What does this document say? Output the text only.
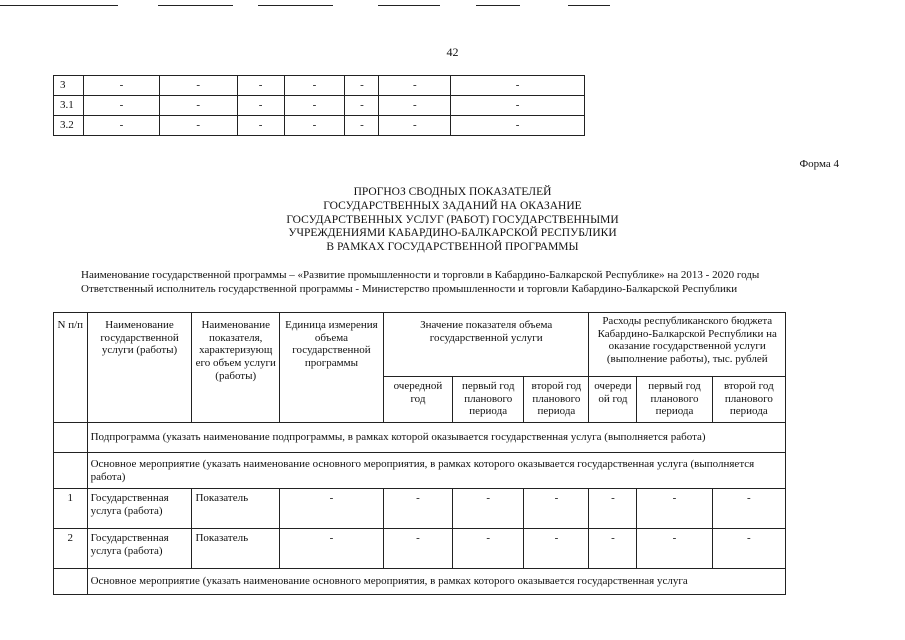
42
3	-	-	-	-	-	-	-
3.1	-	-	-	-	-	-	-
3.2	-	-	-	-	-	-	-
Форма 4
ПРОГНОЗ СВОДНЫХ ПОКАЗАТЕЛЕЙ
ГОСУДАРСТВЕННЫХ ЗАДАНИЙ НА ОКАЗАНИЕ
ГОСУДАРСТВЕННЫХ УСЛУГ (РАБОТ) ГОСУДАРСТВЕННЫМИ
УЧРЕЖДЕНИЯМИ КАБАРДИНО-БАЛКАРСКОЙ РЕСПУБЛИКИ
В РАМКАХ ГОСУДАРСТВЕННОЙ ПРОГРАММЫ
Наименование государственной программы – «Развитие промышленности и торговли в Кабардино-Балкарской Республике» на 2013 - 2020 годы
Ответственный исполнитель государственной программы - Министерство промышленности и торговли Кабардино-Балкарской Республики
N п/п	Наименование государственной услуги (работы)	Наименование показателя, характеризующ его объем услуги (работы)	Единица измерения объема государственной программы	Значение показателя объема государственной услуги			Расходы республиканского бюджета Кабардино-Балкарской Республики на оказание государственной услуги (выполнение работы), тыс. рублей		
				очередной год	первый год планового периода	второй год планового периода	очереди ой год	первый год планового периода	второй год планового периода
	Подпрограмма (указать наименование подпрограммы, в рамках которой оказывается государственная услуга (выполняется работа)								
	Основное мероприятие (указать наименование основного мероприятия, в рамках которого оказывается государственная услуга (выполняется работа)								
1	Государственная услуга (работа)	Показатель	-	-	-	-	-	-	-
2	Государственная услуга (работа)	Показатель	-	-	-	-	-	-	-
	Основное мероприятие (указать наименование основного мероприятия, в рамках которого оказывается государственная услуга								
